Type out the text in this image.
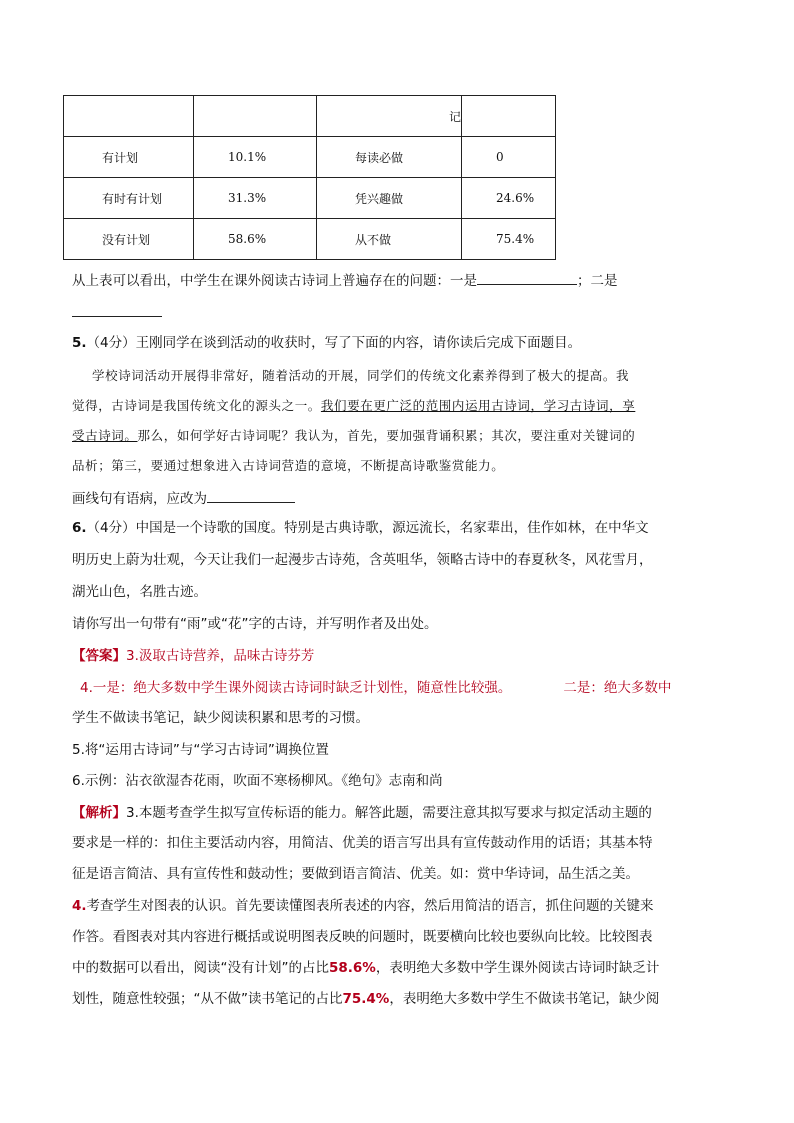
		记	
有计划	10.1%	每读必做	0
有时有计划	31.3%	凭兴趣做	24.6%
没有计划	58.6%	从不做	75.4%
从上表可以看出，中学生在课外阅读古诗词上普遍存在的问题：一是	；二是
5.（4分）王刚同学在谈到活动的收获时，写了下面的内容，请你读后完成下面题目。
学校诗词活动开展得非常好，随着活动的开展，同学们的传统文化素养得到了极大的提高。我
觉得，古诗词是我国传统文化的源头之一。我们要在更广泛的范围内运用古诗词，学习古诗词，享
受古诗词。那么，如何学好古诗词呢？我认为，首先，要加强背诵积累；其次，要注重对关键词的
品析；第三，要通过想象进入古诗词营造的意境，不断提高诗歌鉴赏能力。
画线句有语病，应改为
6.（4分）中国是一个诗歌的国度。特别是古典诗歌，源远流长，名家辈出，佳作如林，在中华文
明历史上蔚为壮观，今天让我们一起漫步古诗苑，含英咀华，领略古诗中的春夏秋冬，风花雪月，
湖光山色，名胜古迹。
请你写出一句带有“雨”或“花”字的古诗，并写明作者及出处。
【答案】3.汲取古诗营养，品味古诗芬芳
4.一是：绝大多数中学生课外阅读古诗词时缺乏计划性，随意性比较强。	二是：绝大多数中
学生不做读书笔记，缺少阅读积累和思考的习惯。
5.将“运用古诗词”与“学习古诗词”调换位置
6.示例：沾衣欲湿杏花雨，吹面不寒杨柳风。《绝句》志南和尚
【解析】3.本题考查学生拟写宣传标语的能力。解答此题，需要注意其拟写要求与拟定活动主题的
要求是一样的：扣住主要活动内容，用简洁、优美的语言写出具有宣传鼓动作用的话语；其基本特
征是语言简洁、具有宣传性和鼓动性；要做到语言简洁、优美。如：赏中华诗词，品生活之美。
4.考查学生对图表的认识。首先要读懂图表所表述的内容，然后用简洁的语言，抓住问题的关键来
作答。看图表对其内容进行概括或说明图表反映的问题时，既要横向比较也要纵向比较。比较图表
中的数据可以看出，阅读“没有计划”的占比58.6%，表明绝大多数中学生课外阅读古诗词时缺乏计
划性，随意性较强；“从不做”读书笔记的占比75.4%，表明绝大多数中学生不做读书笔记，缺少阅
